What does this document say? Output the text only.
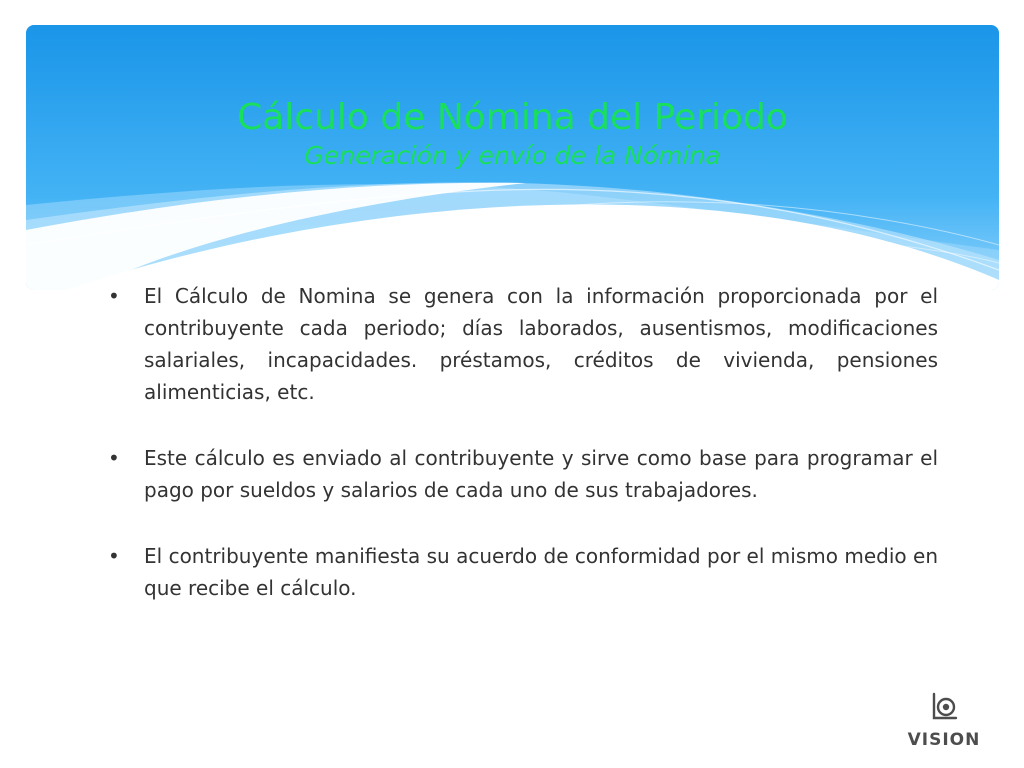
Cálculo de Nómina del Periodo
Generación y envío de la Nómina
•	El Cálculo de Nomina se genera con la información proporcionada por el contribuyente cada periodo; días laborados, ausentismos, modificaciones salariales, incapacidades. préstamos, créditos de vivienda, pensiones alimenticias, etc.
•	Este cálculo es enviado al contribuyente y sirve como base para programar el pago por sueldos y salarios de cada uno de sus trabajadores.
•	El contribuyente manifiesta su acuerdo de conformidad por el mismo medio en que recibe el cálculo.
VISION
